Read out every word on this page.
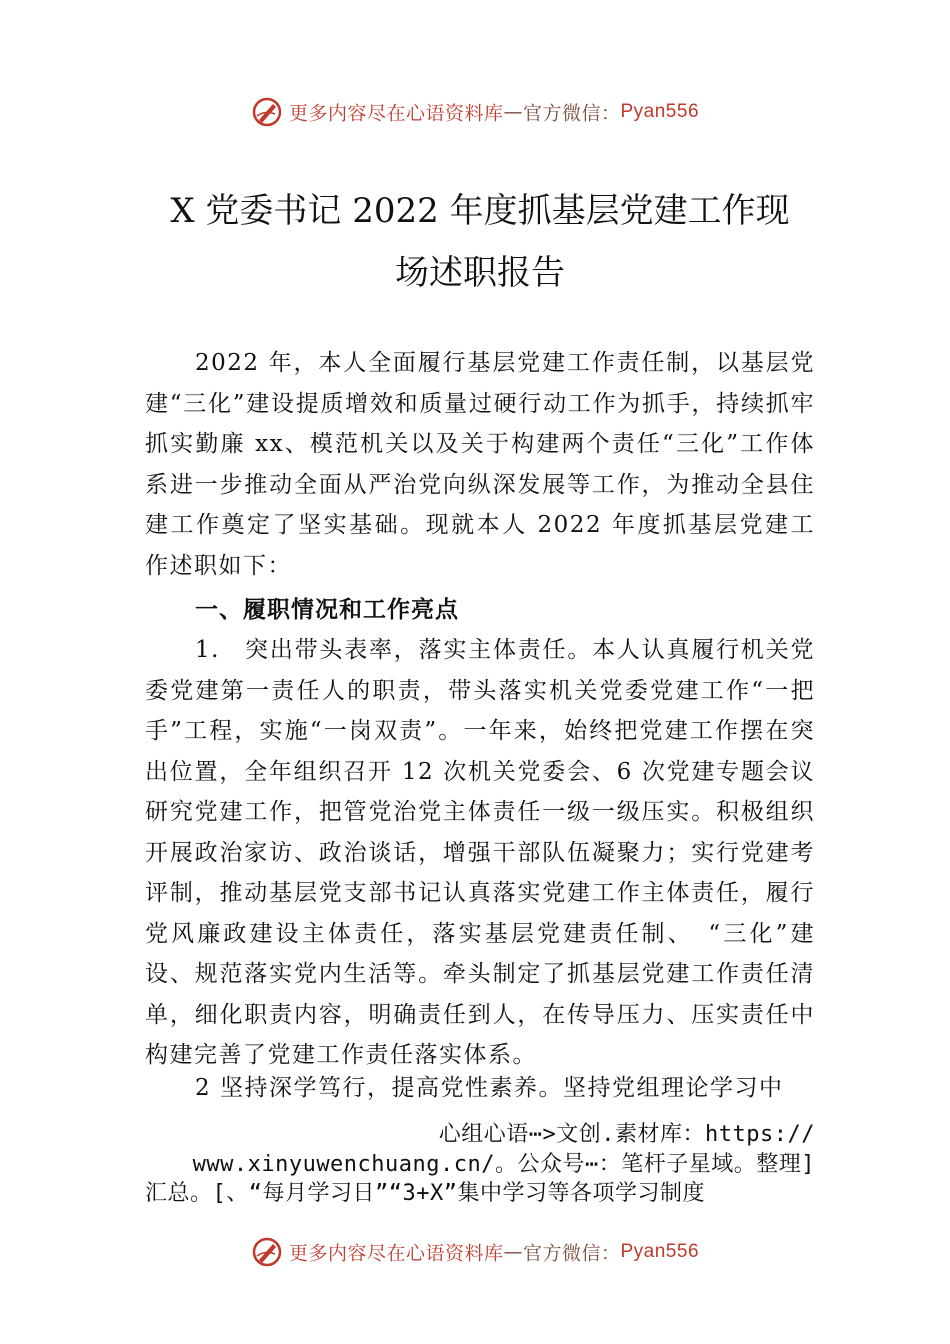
更多内容尽在心语资料库—官方微信：Pyan556
X 党委书记 2022 年度抓基层党建工作现
场述职报告

2022 年，本人全面履行基层党建工作责任制，以基层党建“三化”建设提质增效和质量过硬行动工作为抓手，持续抓牢抓实勤廉 xx、模范机关以及关于构建两个责任“三化”工作体系进一步推动全面从严治党向纵深发展等工作，为推动全县住建工作奠定了坚实基础。现就本人 2022 年度抓基层党建工作述职如下：

一、履职情况和工作亮点

1.　突出带头表率，落实主体责任。本人认真履行机关党委党建第一责任人的职责，带头落实机关党委党建工作“一把手”工程，实施“一岗双责”。一年来，始终把党建工作摆在突出位置，全年组织召开 12 次机关党委会、6 次党建专题会议研究党建工作，把管党治党主体责任一级一级压实。积极组织开展政治家访、政治谈话，增强干部队伍凝聚力；实行党建考评制，推动基层党支部书记认真落实党建工作主体责任，履行党风廉政建设主体责任，落实基层党建责任制、　“三化”建设、规范落实党内生活等。牵头制定了抓基层党建工作责任清单，细化职责内容，明确责任到人，在传导压力、压实责任中构建完善了党建工作责任落实体系。

2 坚持深学笃行，提高党性素养。坚持党组理论学习中

心组心语⋯>文创.素材库：https://
www.xinyuwenchuang.cn/。公众号⋯：笔杆子星域。整理]
汇总。[、“每月学习日”“3+X”集中学习等各项学习制度
更多内容尽在心语资料库—官方微信：Pyan556
